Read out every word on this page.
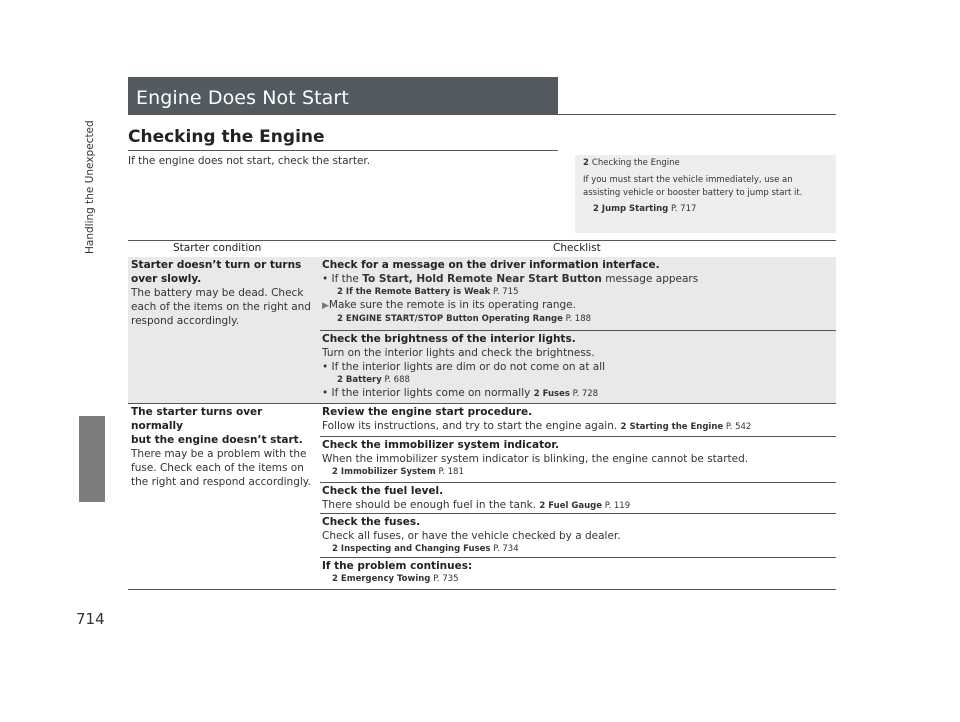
Handling the Unexpected
714
Engine Does Not Start
Checking the Engine
If the engine does not start, check the starter.	2 Checking the Engine
If you must start the vehicle immediately, use an
assisting vehicle or booster battery to jump start it.
2 Jump Starting P. 717
Starter condition	Checklist
Starter doesn’t turn or turns
over slowly.
The battery may be dead. Check
each of the items on the right and
respond accordingly.
Check for a message on the driver information interface.
• If the To Start, Hold Remote Near Start Button message appears
2 If the Remote Battery is Weak P. 715
▶Make sure the remote is in its operating range.
2 ENGINE START/STOP Button Operating Range P. 188
Check the brightness of the interior lights.
Turn on the interior lights and check the brightness.
• If the interior lights are dim or do not come on at all
2 Battery P. 688
• If the interior lights come on normally 2 Fuses P. 728
The starter turns over normally
but the engine doesn’t start.
There may be a problem with the
fuse. Check each of the items on
the right and respond accordingly.
Review the engine start procedure.
Follow its instructions, and try to start the engine again. 2 Starting the Engine P. 542
Check the immobilizer system indicator.
When the immobilizer system indicator is blinking, the engine cannot be started.
2 Immobilizer System P. 181
Check the fuel level.
There should be enough fuel in the tank. 2 Fuel Gauge P. 119
Check the fuses.
Check all fuses, or have the vehicle checked by a dealer.
2 Inspecting and Changing Fuses P. 734
If the problem continues:
2 Emergency Towing P. 735
